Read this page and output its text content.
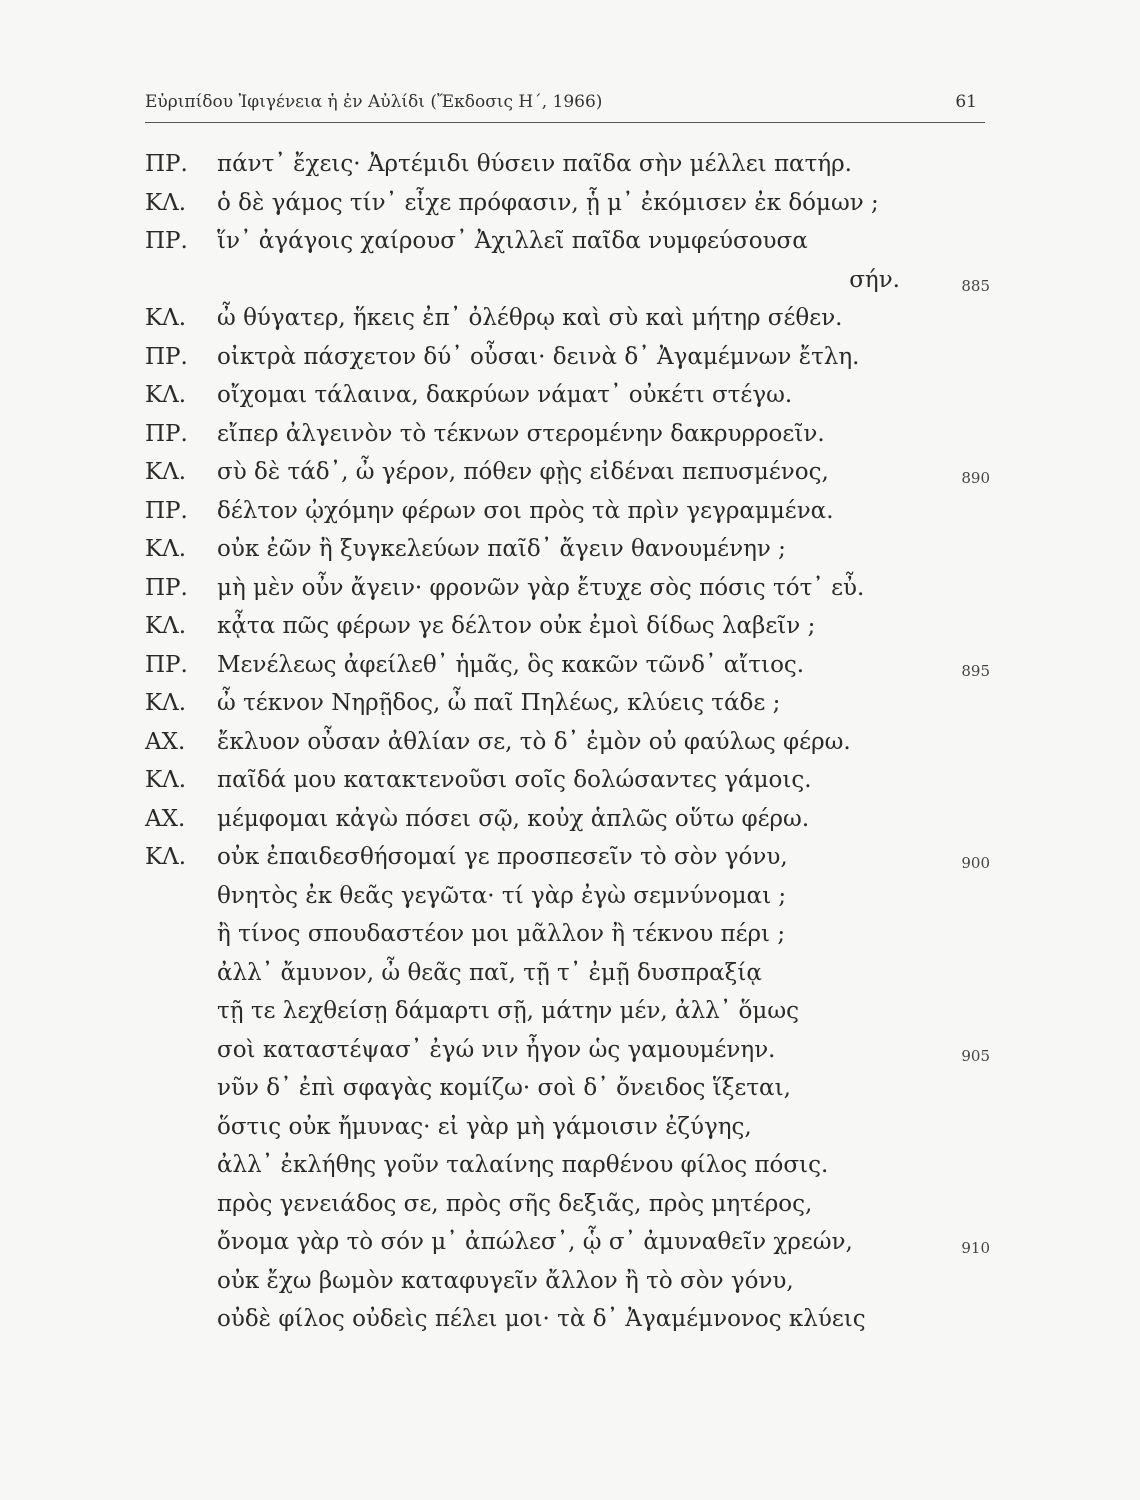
Εὐριπίδου Ἰφιγένεια ἡ ἐν Αὐλίδι (Ἔκδοσις Η´, 1966)	61
ΠΡ.	πάντ᾽ ἔχεις· Ἀρτέμιδι θύσειν παῖδα σὴν μέλλει πατήρ.
ΚΛ.	ὁ δὲ γάμος τίν᾽ εἶχε πρόφασιν, ᾗ μ᾽ ἐκόμισεν ἐκ δόμων ;
ΠΡ.	ἵν᾽ ἀγάγοις χαίρουσ᾽ Ἀχιλλεῖ παῖδα νυμφεύσουσα
σήν.	885
ΚΛ.	ὦ θύγατερ, ἥκεις ἐπ᾽ ὀλέθρῳ καὶ σὺ καὶ μήτηρ σέθεν.
ΠΡ.	οἰκτρὰ πάσχετον δύ᾽ οὖσαι· δεινὰ δ᾽ Ἀγαμέμνων ἔτλη.
ΚΛ.	οἴχομαι τάλαινα, δακρύων νάματ᾽ οὐκέτι στέγω.
ΠΡ.	εἴπερ ἀλγεινὸν τὸ τέκνων στερομένην δακρυρροεῖν.
ΚΛ.	σὺ δὲ τάδ᾽, ὦ γέρον, πόθεν φῂς εἰδέναι πεπυσμένος,	890
ΠΡ.	δέλτον ᾠχόμην φέρων σοι πρὸς τὰ πρὶν γεγραμμένα.
ΚΛ.	οὐκ ἐῶν ἢ ξυγκελεύων παῖδ᾽ ἄγειν θανουμένην ;
ΠΡ.	μὴ μὲν οὖν ἄγειν· φρονῶν γὰρ ἔτυχε σὸς πόσις τότ᾽ εὖ.
ΚΛ.	κᾆτα πῶς φέρων γε δέλτον οὐκ ἐμοὶ δίδως λαβεῖν ;
ΠΡ.	Μενέλεως ἀφείλεθ᾽ ἡμᾶς, ὃς κακῶν τῶνδ᾽ αἴτιος.	895
ΚΛ.	ὦ τέκνον Νηρῇδος, ὦ παῖ Πηλέως, κλύεις τάδε ;
ΑΧ.	ἔκλυον οὖσαν ἀθλίαν σε, τὸ δ᾽ ἐμὸν οὐ φαύλως φέρω.
ΚΛ.	παῖδά μου κατακτενοῦσι σοῖς δολώσαντες γάμοις.
ΑΧ.	μέμφομαι κἀγὼ πόσει σῷ, κοὐχ ἁπλῶς οὕτω φέρω.
ΚΛ.	οὐκ ἐπαιδεσθήσομαί γε προσπεσεῖν τὸ σὸν γόνυ,	900
θνητὸς ἐκ θεᾶς γεγῶτα· τί γὰρ ἐγὼ σεμνύνομαι ;
ἢ τίνος σπουδαστέον μοι μᾶλλον ἢ τέκνου πέρι ;
ἀλλ᾽ ἄμυνον, ὦ θεᾶς παῖ, τῇ τ᾽ ἐμῇ δυσπραξίᾳ
τῇ τε λεχθείσῃ δάμαρτι σῇ, μάτην μέν, ἀλλ᾽ ὅμως
σοὶ καταστέψασ᾽ ἐγώ νιν ἦγον ὡς γαμουμένην.	905
νῦν δ᾽ ἐπὶ σφαγὰς κομίζω· σοὶ δ᾽ ὄνειδος ἵξεται,
ὅστις οὐκ ἤμυνας· εἰ γὰρ μὴ γάμοισιν ἐζύγης,
ἀλλ᾽ ἐκλήθης γοῦν ταλαίνης παρθένου φίλος πόσις.
πρὸς γενειάδος σε, πρὸς σῆς δεξιᾶς, πρὸς μητέρος,
ὄνομα γὰρ τὸ σόν μ᾽ ἀπώλεσ᾽, ᾧ σ᾽ ἀμυναθεῖν χρεών,	910
οὐκ ἔχω βωμὸν καταφυγεῖν ἄλλον ἢ τὸ σὸν γόνυ,
οὐδὲ φίλος οὐδεὶς πέλει μοι· τὰ δ᾽ Ἀγαμέμνονος κλύεις
